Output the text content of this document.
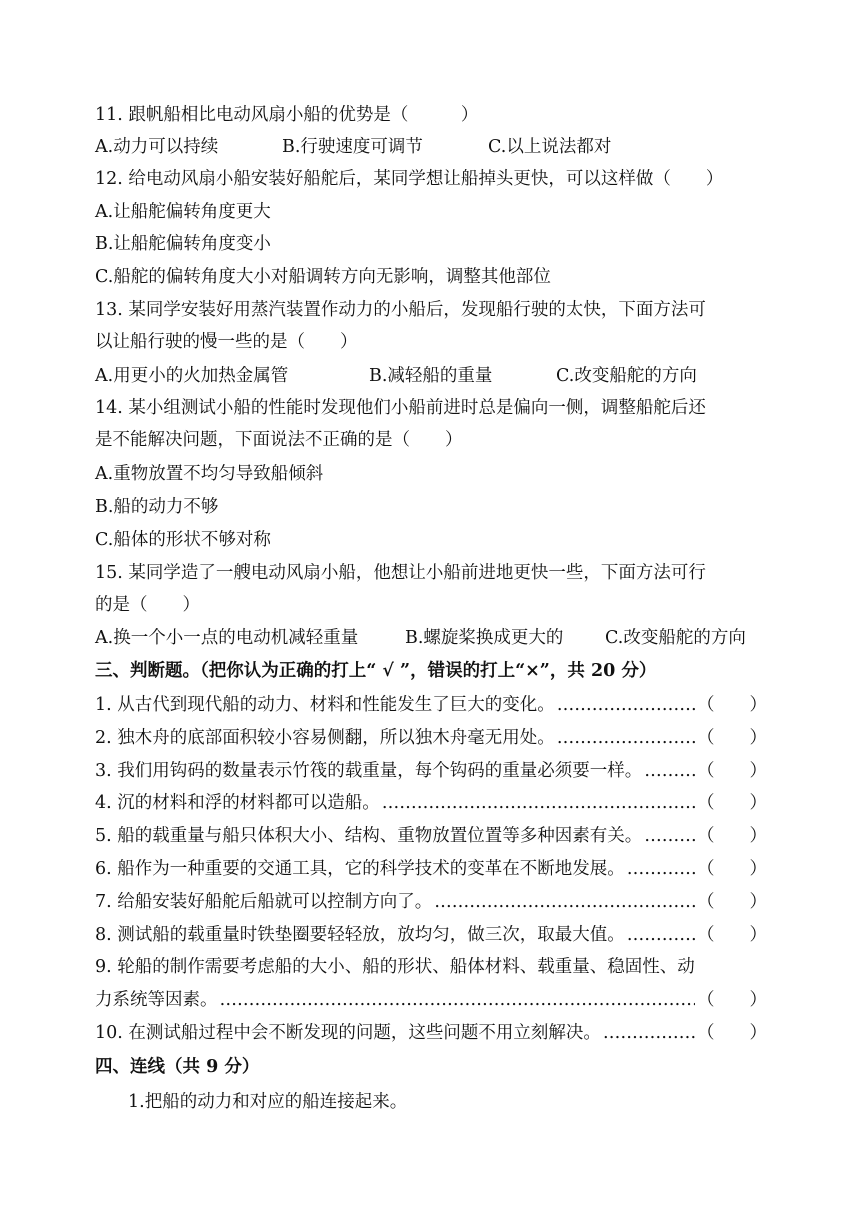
11. 跟帆船相比电动风扇小船的优势是（　　　）
A.动力可以持续	B.行驶速度可调节	C.以上说法都对
12. 给电动风扇小船安装好船舵后，某同学想让船掉头更快，可以这样做（　　）
A.让船舵偏转角度更大
B.让船舵偏转角度变小
C.船舵的偏转角度大小对船调转方向无影响，调整其他部位
13. 某同学安装好用蒸汽装置作动力的小船后，发现船行驶的太快，下面方法可
以让船行驶的慢一些的是（　　）
A.用更小的火加热金属管	B.减轻船的重量	C.改变船舵的方向
14. 某小组测试小船的性能时发现他们小船前进时总是偏向一侧，调整船舵后还
是不能解决问题，下面说法不正确的是（　　）
A.重物放置不均匀导致船倾斜
B.船的动力不够
C.船体的形状不够对称
15. 某同学造了一艘电动风扇小船，他想让小船前进地更快一些，下面方法可行
的是（　　）
A.换一个小一点的电动机减轻重量	B.螺旋桨换成更大的	C.改变船舵的方向
三、判断题。（把你认为正确的打上“ √ ”，错误的打上“×”，共 20 分）
1. 从古代到现代船的动力、材料和性能发生了巨大的变化。 ………………………………………………………………………………………………………………………………………	（　　）
2. 独木舟的底部面积较小容易侧翻，所以独木舟毫无用处。 ………………………………………………………………………………………………………………………………………	（　　）
3. 我们用钩码的数量表示竹筏的载重量，每个钩码的重量必须要一样。 ………………………………………………………………………………………………………………………………………	（　　）
4. 沉的材料和浮的材料都可以造船。 ………………………………………………………………………………………………………………………………………	（　　）
5. 船的载重量与船只体积大小、结构、重物放置位置等多种因素有关。 ………………………………………………………………………………………………………………………………………	（　　）
6. 船作为一种重要的交通工具，它的科学技术的变革在不断地发展。 ………………………………………………………………………………………………………………………………………	（　　）
7. 给船安装好船舵后船就可以控制方向了。 ………………………………………………………………………………………………………………………………………	（　　）
8. 测试船的载重量时铁垫圈要轻轻放，放均匀，做三次，取最大值。 ………………………………………………………………………………………………………………………………………	（　　）
9. 轮船的制作需要考虑船的大小、船的形状、船体材料、载重量、稳固性、动
力系统等因素。 ………………………………………………………………………………………………………………………………………	（　　）
10. 在测试船过程中会不断发现的问题，这些问题不用立刻解决。 ………………………………………………………………………………………………………………………………………	（　　）
四、连线（共 9 分）
1.把船的动力和对应的船连接起来。
